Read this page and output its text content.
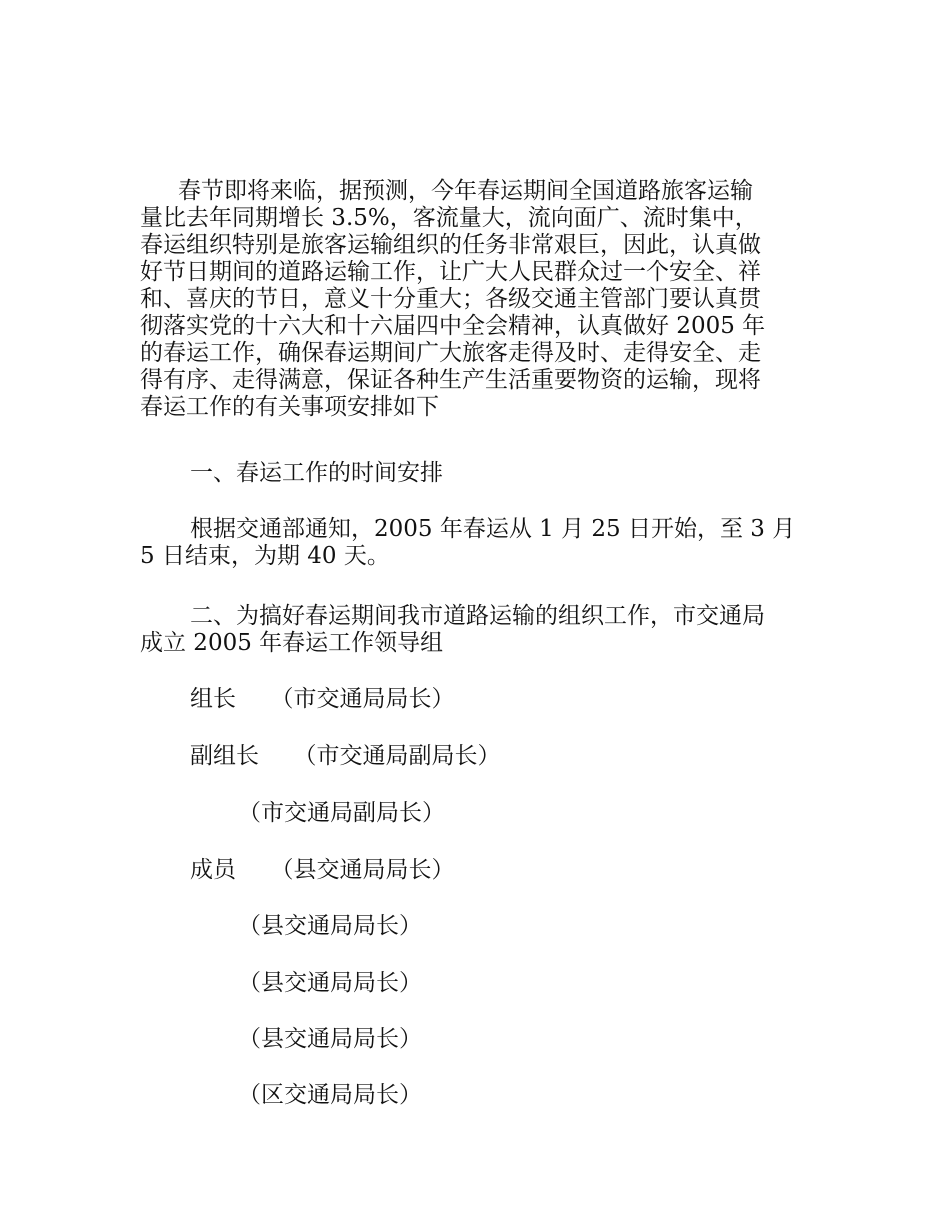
春节即将来临，据预测，今年春运期间全国道路旅客运输
量比去年同期增长 3.5%，客流量大，流向面广、流时集中，
春运组织特别是旅客运输组织的任务非常艰巨，因此，认真做
好节日期间的道路运输工作，让广大人民群众过一个安全、祥
和、喜庆的节日，意义十分重大；各级交通主管部门要认真贯
彻落实党的十六大和十六届四中全会精神，认真做好 2005 年
的春运工作，确保春运期间广大旅客走得及时、走得安全、走
得有序、走得满意，保证各种生产生活重要物资的运输，现将
春运工作的有关事项安排如下
一、春运工作的时间安排
根据交通部通知，2005 年春运从 1 月 25 日开始，至 3 月
5 日结束，为期 40 天。
二、为搞好春运期间我市道路运输的组织工作，市交通局
成立 2005 年春运工作领导组
组长　　（市交通局局长）
副组长　　（市交通局副局长）
（市交通局副局长）
成员　　（县交通局局长）
（县交通局局长）
（县交通局局长）
（县交通局局长）
（区交通局局长）
